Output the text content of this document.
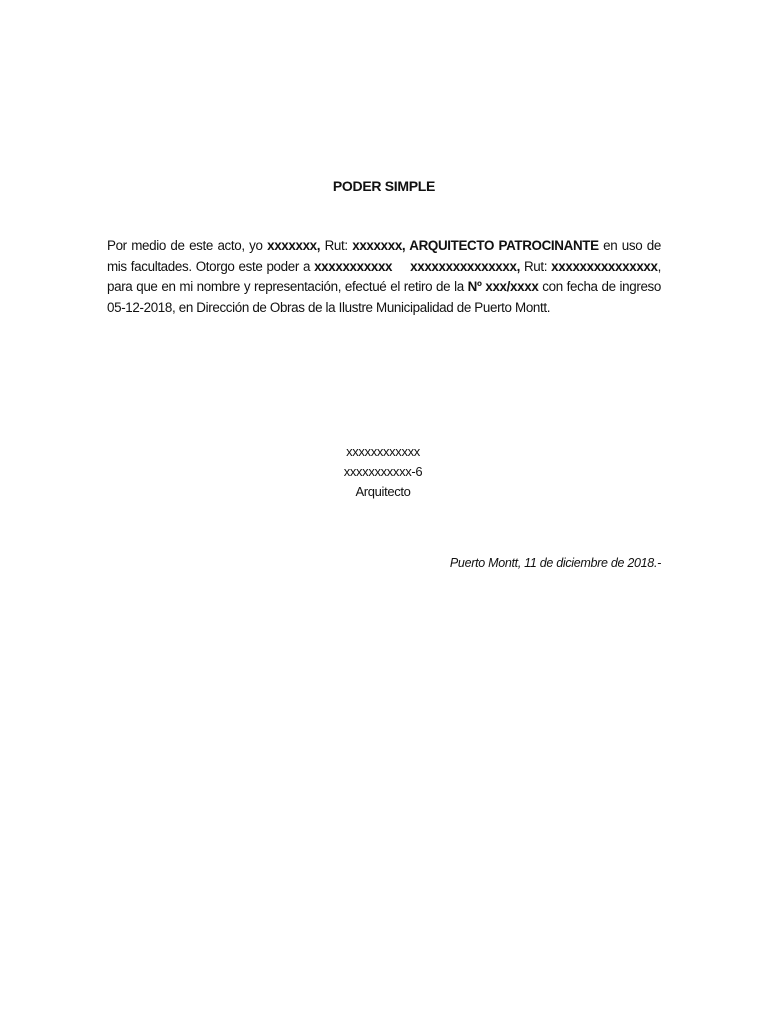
PODER SIMPLE

Por medio de este acto, yo xxxxxxx, Rut: xxxxxxx, ARQUITECTO PATROCINANTE en uso de mis facultades. Otorgo este poder a xxxxxxxxxxx xxxxxxxxxxxxxxx, Rut: xxxxxxxxxxxxxxx, para que en mi nombre y representación, efectué el retiro de la Nº xxx/xxxx con fecha de ingreso 05-12-2018, en Dirección de Obras de la Ilustre Municipalidad de Puerto Montt.

xxxxxxxxxxxx
xxxxxxxxxxx-6
Arquitecto
Puerto Montt, 11 de diciembre de 2018.-
